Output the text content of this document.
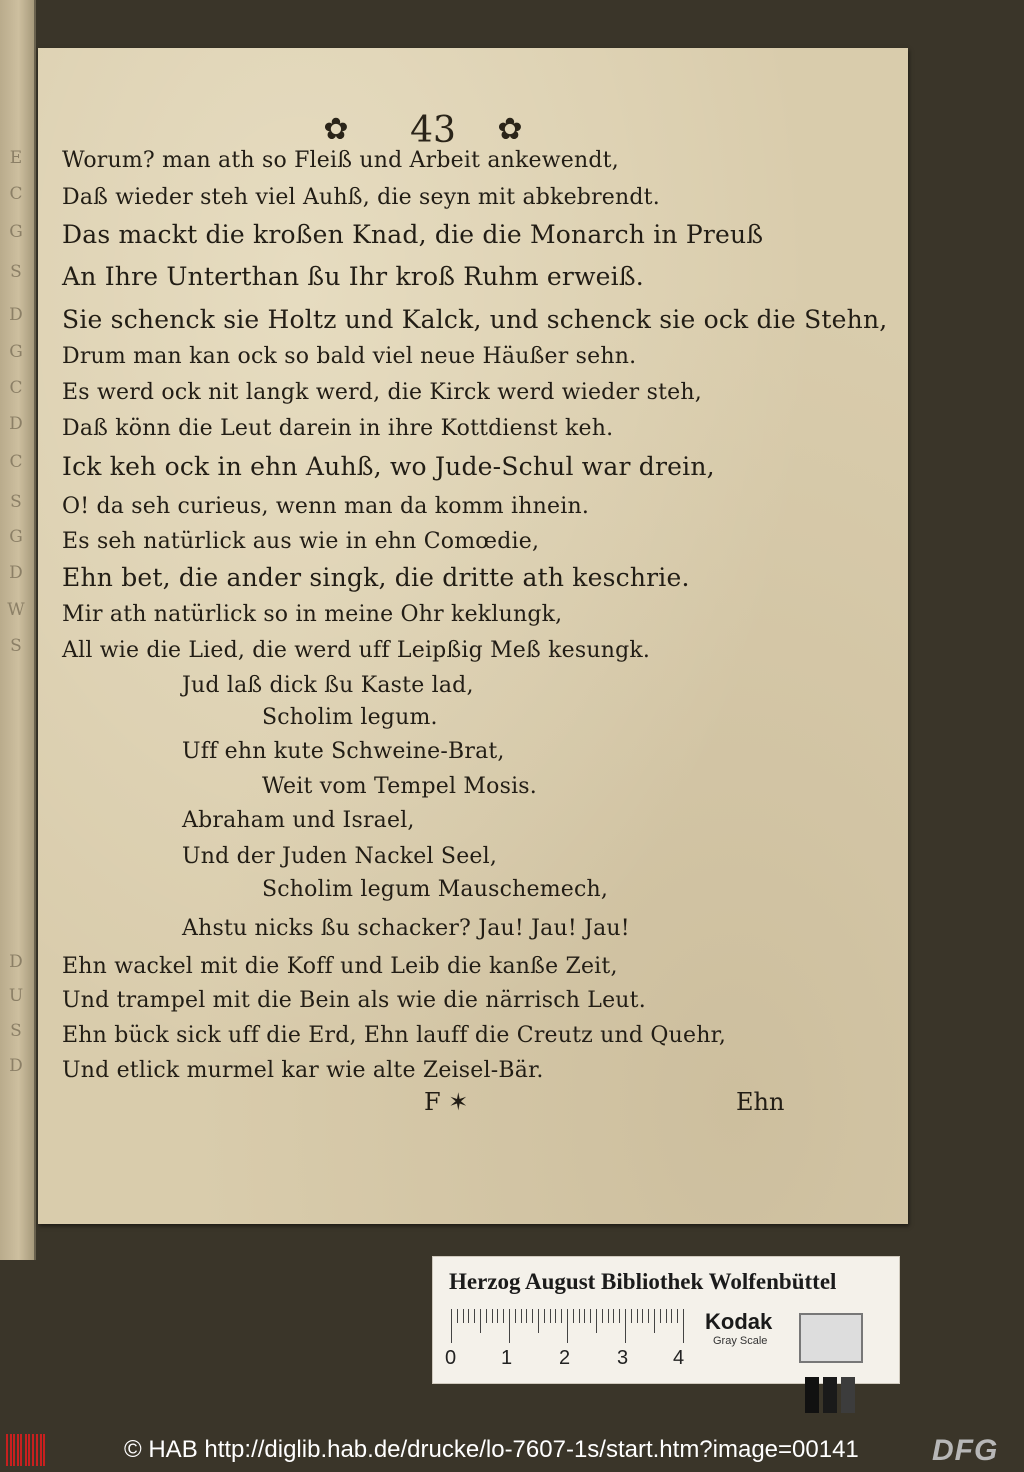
E
C
G
S
D
G
C
D
C
S
G
D
W
S
D
U
S
D
✿	43	✿
Worum? man ath so Fleiß und Arbeit ankewendt,
Daß wieder steh viel Auhß, die seyn mit abkebrendt.
Das mackt die kroßen Knad, die die Monarch in Preuß
An Ihre Unterthan ßu Ihr kroß Ruhm erweiß.
Sie schenck sie Holtz und Kalck, und schenck sie ock die Stehn,
Drum man kan ock so bald viel neue Häußer sehn.
Es werd ock nit langk werd, die Kirck werd wieder steh,
Daß könn die Leut darein in ihre Kottdienst keh.
Ick keh ock in ehn Auhß, wo Jude-Schul war drein,
O! da seh curieus, wenn man da komm ihnein.
Es seh natürlick aus wie in ehn Comœdie,
Ehn bet, die ander singk, die dritte ath keschrie.
Mir ath natürlick so in meine Ohr keklungk,
All wie die Lied, die werd uff Leipßig Meß kesungk.
Jud laß dick ßu Kaste lad,
Scholim legum.
Uff ehn kute Schweine-Brat,
Weit vom Tempel Mosis.
Abraham und Israel,
Und der Juden Nackel Seel,
Scholim legum Mauschemech,
Ahstu nicks ßu schacker? Jau! Jau! Jau!
Ehn wackel mit die Koff und Leib die kanße Zeit,
Und trampel mit die Bein als wie die närrisch Leut.
Ehn bück sick uff die Erd, Ehn lauff die Creutz und Quehr,
Und etlick murmel kar wie alte Zeisel-Bär.
F ✶	Ehn
Herzog August Bibliothek Wolfenbüttel
0 1 2 3 4
Kodak
Gray Scale
© HAB http://diglib.hab.de/drucke/lo-7607-1s/start.htm?image=00141 DFG
